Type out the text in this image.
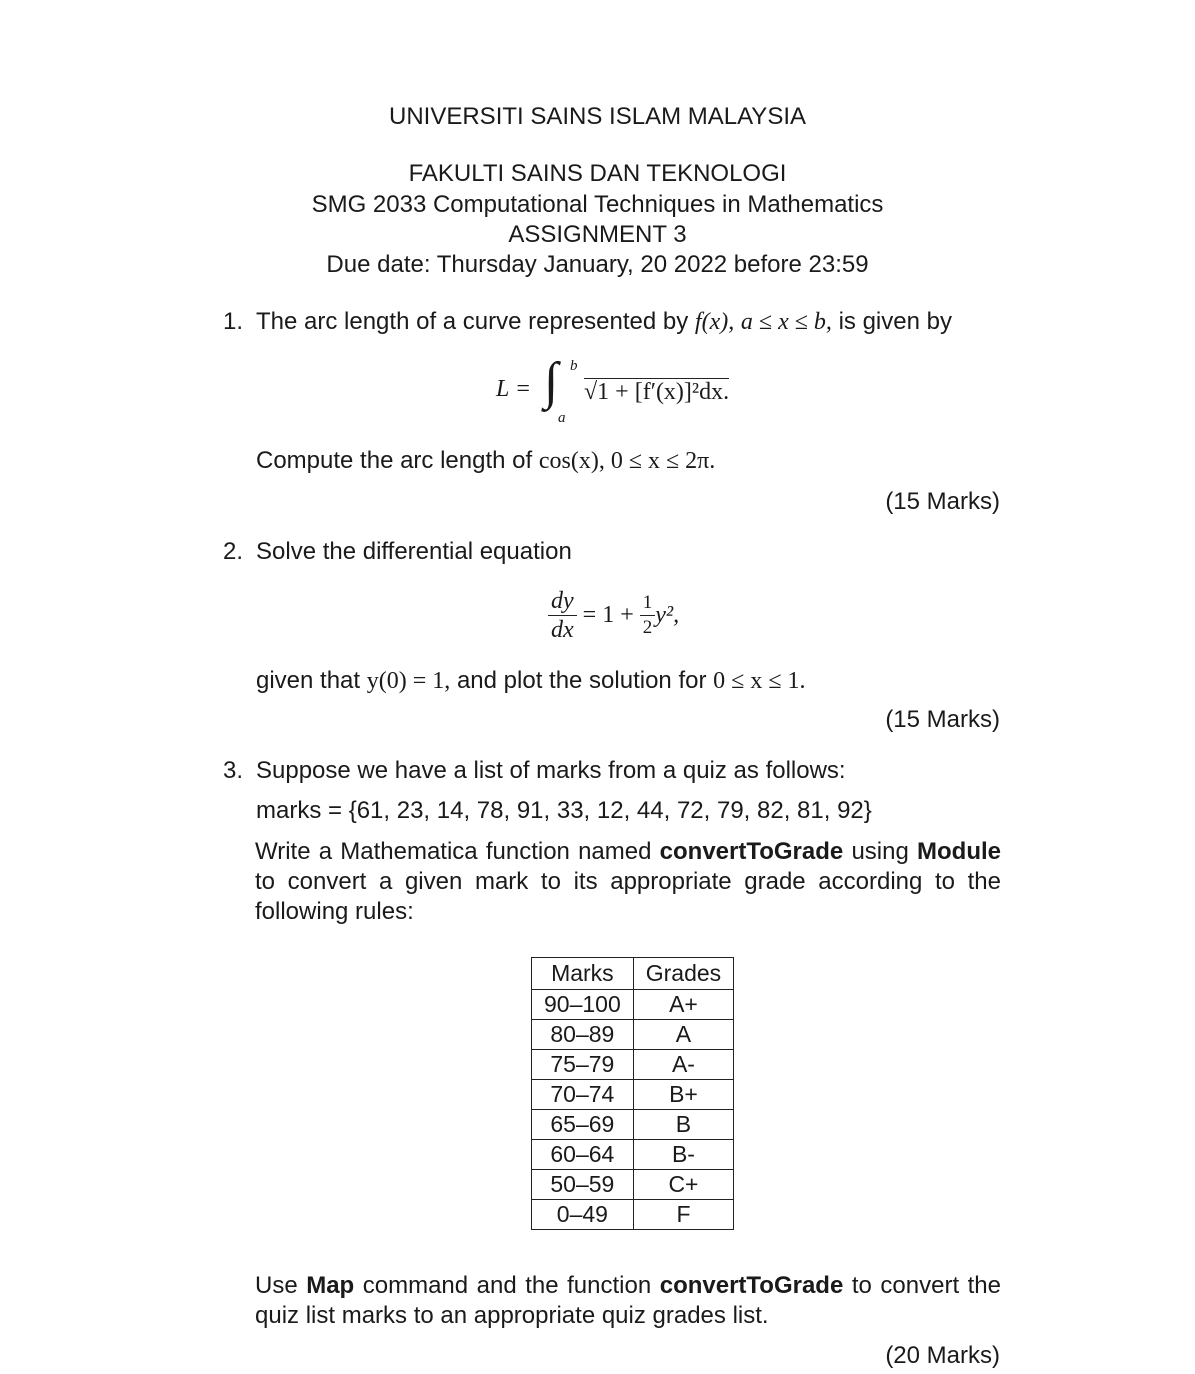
UNIVERSITI SAINS ISLAM MALAYSIA
FAKULTI SAINS DAN TEKNOLOGI
SMG 2033 Computational Techniques in Mathematics
ASSIGNMENT 3
Due date: Thursday January, 20 2022 before 23:59
1. The arc length of a curve represented by f(x), a ≤ x ≤ b, is given by
L = ∫ b
a
√1 + [f′(x)]²dx.
Compute the arc length of cos(x), 0 ≤ x ≤ 2π.
(15 Marks)
2. Solve the differential equation
$\frac{dy}{dx} = 1 + \frac{1}{2} y^2$,
given that y(0) = 1, and plot the solution for 0 ≤ x ≤ 1.
(15 Marks)
3. Suppose we have a list of marks from a quiz as follows:
marks = {61, 23, 14, 78, 91, 33, 12, 44, 72, 79, 82, 81, 92}
Write a Mathematica function named convertToGrade using Module to convert a given mark to its appropriate grade according to the following rules:
Marks	Grades
90–100	A+
80–89	A
75–79	A-
70–74	B+
65–69	B
60–64	B-
50–59	C+
0–49	F
Use Map command and the function convertToGrade to convert the quiz list marks to an appropriate quiz grades list.
(20 Marks)
